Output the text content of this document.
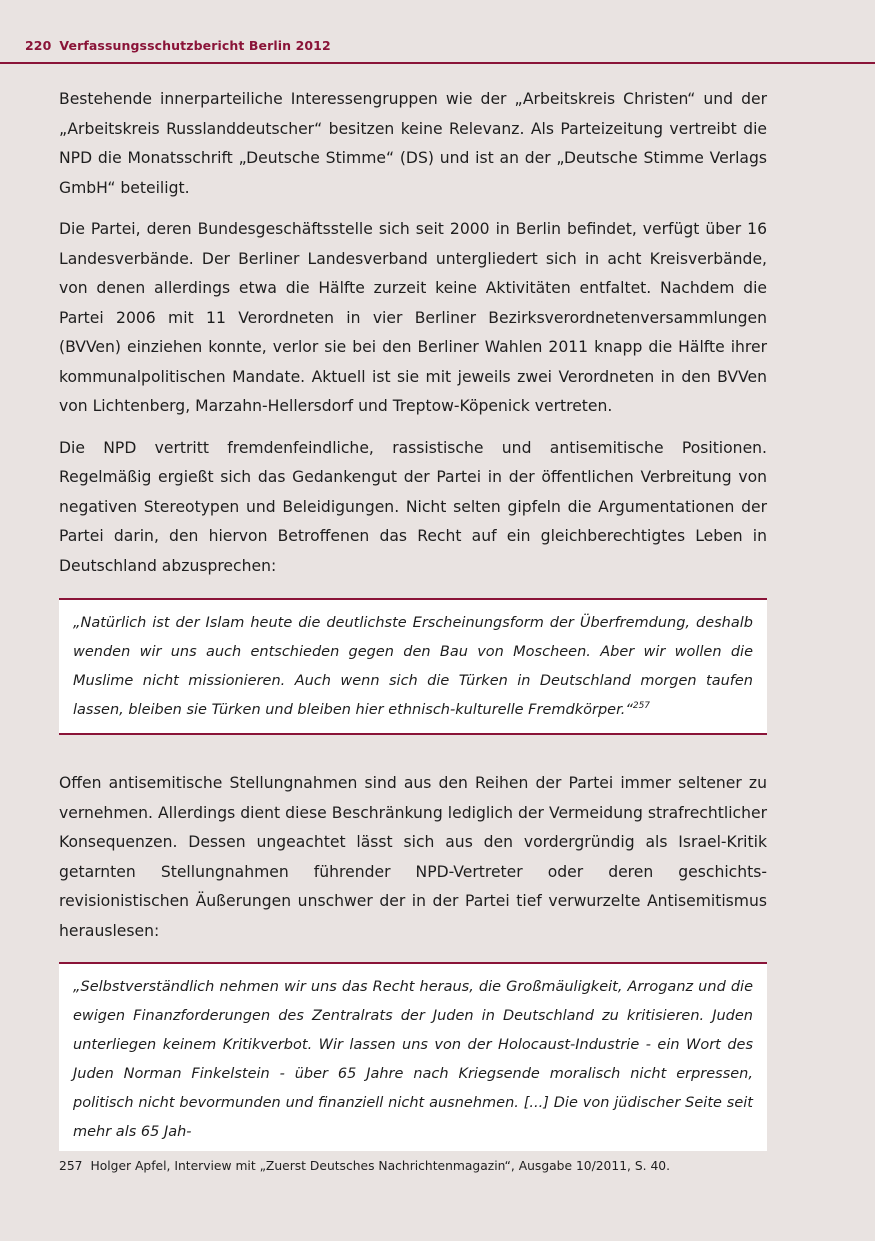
220 Verfassungsschutzbericht Berlin 2012

Bestehende innerparteiliche Interessengruppen wie der „Arbeitskreis Christen“ und der „Arbeitskreis Russlanddeutscher“ besitzen keine Relevanz. Als Parteizeitung vertreibt die NPD die Monatsschrift „Deutsche Stimme“ (DS) und ist an der „Deutsche Stimme Verlags GmbH“ beteiligt.

Die Partei, deren Bundesgeschäftsstelle sich seit 2000 in Berlin befindet, verfügt über 16 Landesverbände. Der Berliner Landesverband untergliedert sich in acht Kreisverbände, von denen allerdings etwa die Hälfte zurzeit keine Aktivitäten entfaltet. Nachdem die Partei 2006 mit 11 Verordneten in vier Berliner Bezirksverordnetenversammlungen (BVVen) einziehen konnte, verlor sie bei den Berliner Wahlen 2011 knapp die Hälfte ihrer kommunalpolitischen Mandate. Aktuell ist sie mit jeweils zwei Verordneten in den BVVen von Lichtenberg, Marzahn-Hellersdorf und Treptow-Köpenick vertreten.

Die NPD vertritt fremdenfeindliche, rassistische und antisemitische Positionen. Regelmäßig ergießt sich das Gedankengut der Partei in der öffentlichen Verbreitung von negativen Stereotypen und Beleidigungen. Nicht selten gipfeln die Argumentationen der Partei darin, den hiervon Betroffenen das Recht auf ein gleichberechtigtes Leben in Deutschland abzusprechen:

„Natürlich ist der Islam heute die deutlichste Erscheinungsform der Überfremdung, deshalb wenden wir uns auch entschieden gegen den Bau von Moscheen. Aber wir wollen die Muslime nicht missionieren. Auch wenn sich die Türken in Deutschland morgen taufen lassen, bleiben sie Türken und bleiben hier ethnisch-kulturelle Fremdkörper.“$^{257}$

Offen antisemitische Stellungnahmen sind aus den Reihen der Partei immer seltener zu vernehmen. Allerdings dient diese Beschränkung lediglich der Vermeidung strafrechtlicher Konsequenzen. Dessen ungeachtet lässt sich aus den vordergründig als Israel-Kritik getarnten Stellungnahmen führender NPD-Vertreter oder deren geschichts-revisionistischen Äußerungen unschwer der in der Partei tief verwurzelte Antisemitismus herauslesen:

„Selbstverständlich nehmen wir uns das Recht heraus, die Großmäuligkeit, Arroganz und die ewigen Finanzforderungen des Zentralrats der Juden in Deutschland zu kritisieren. Juden unterliegen keinem Kritikverbot. Wir lassen uns von der Holocaust-Industrie - ein Wort des Juden Norman Finkelstein - über 65 Jahre nach Kriegsende moralisch nicht erpressen, politisch nicht bevormunden und finanziell nicht ausnehmen. [...] Die von jüdischer Seite seit mehr als 65 Jah-

257 Holger Apfel, Interview mit „Zuerst Deutsches Nachrichtenmagazin“, Ausgabe 10/2011, S. 40.
